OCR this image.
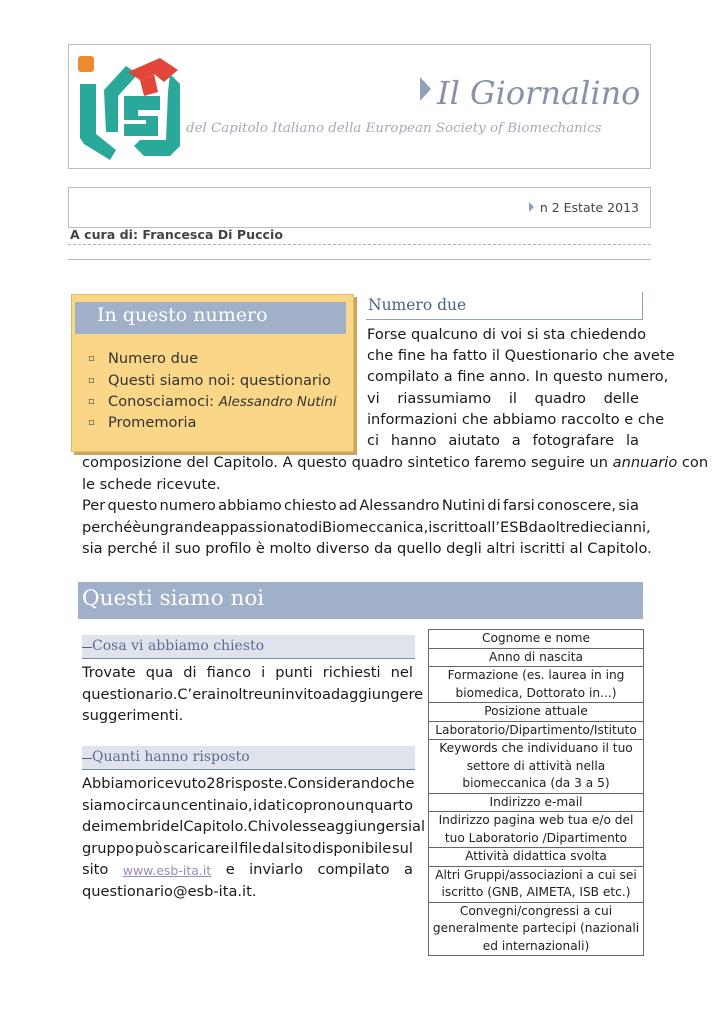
Il Giornalino
del Capitolo Italiano della European Society of Biomechanics
n 2 Estate 2013
A cura di: Francesca Di Puccio
In questo numero
◽ Numero due
◽ Questi siamo noi: questionario
◽ Conosciamoci: Alessandro Nutini
◽ Promemoria
Numero due
Forse qualcuno di voi si sta chiedendo
che fine ha fatto il Questionario che avete
compilato a fine anno. In questo numero,
vi riassumiamo il quadro delle
informazioni che abbiamo raccolto e che
ci hanno aiutato a fotografare la
composizione del Capitolo. A questo quadro sintetico faremo seguire un annuario con
le schede ricevute.
Per questo numero abbiamo chiesto ad Alessandro Nutini di farsi conoscere, sia
perché è un grande appassionato di Biomeccanica, iscritto all’ESB da oltre dieci anni,
sia perché il suo profilo è molto diverso da quello degli altri iscritti al Capitolo.
Questi siamo noi
Cosa vi abbiamo chiesto
Trovate qua di fianco i punti richiesti nel
questionario. C’era inoltre un invito ad aggiungere
suggerimenti.
Quanti hanno risposto
Abbiamo ricevuto 28 risposte. Considerando che
siamo circa un centinaio, i dati coprono un quarto
dei membri del Capitolo. Chi volesse aggiungersi al
gruppo può scaricare il file dal sito disponibile sul
sito www.esb-ita.it e inviarlo compilato a
questionario@esb-ita.it.
Cognome e nome
Anno di nascita
Formazione (es. laurea in ing biomedica, Dottorato in...)
Posizione attuale
Laboratorio/Dipartimento/Istituto
Keywords che individuano il tuo settore di attività nella biomeccanica (da 3 a 5)
Indirizzo e-mail
Indirizzo pagina web tua e/o del tuo Laboratorio /Dipartimento
Attività didattica svolta
Altri Gruppi/associazioni a cui sei iscritto (GNB, AIMETA, ISB etc.)
Convegni/congressi a cui generalmente partecipi (nazionali ed internazionali)
